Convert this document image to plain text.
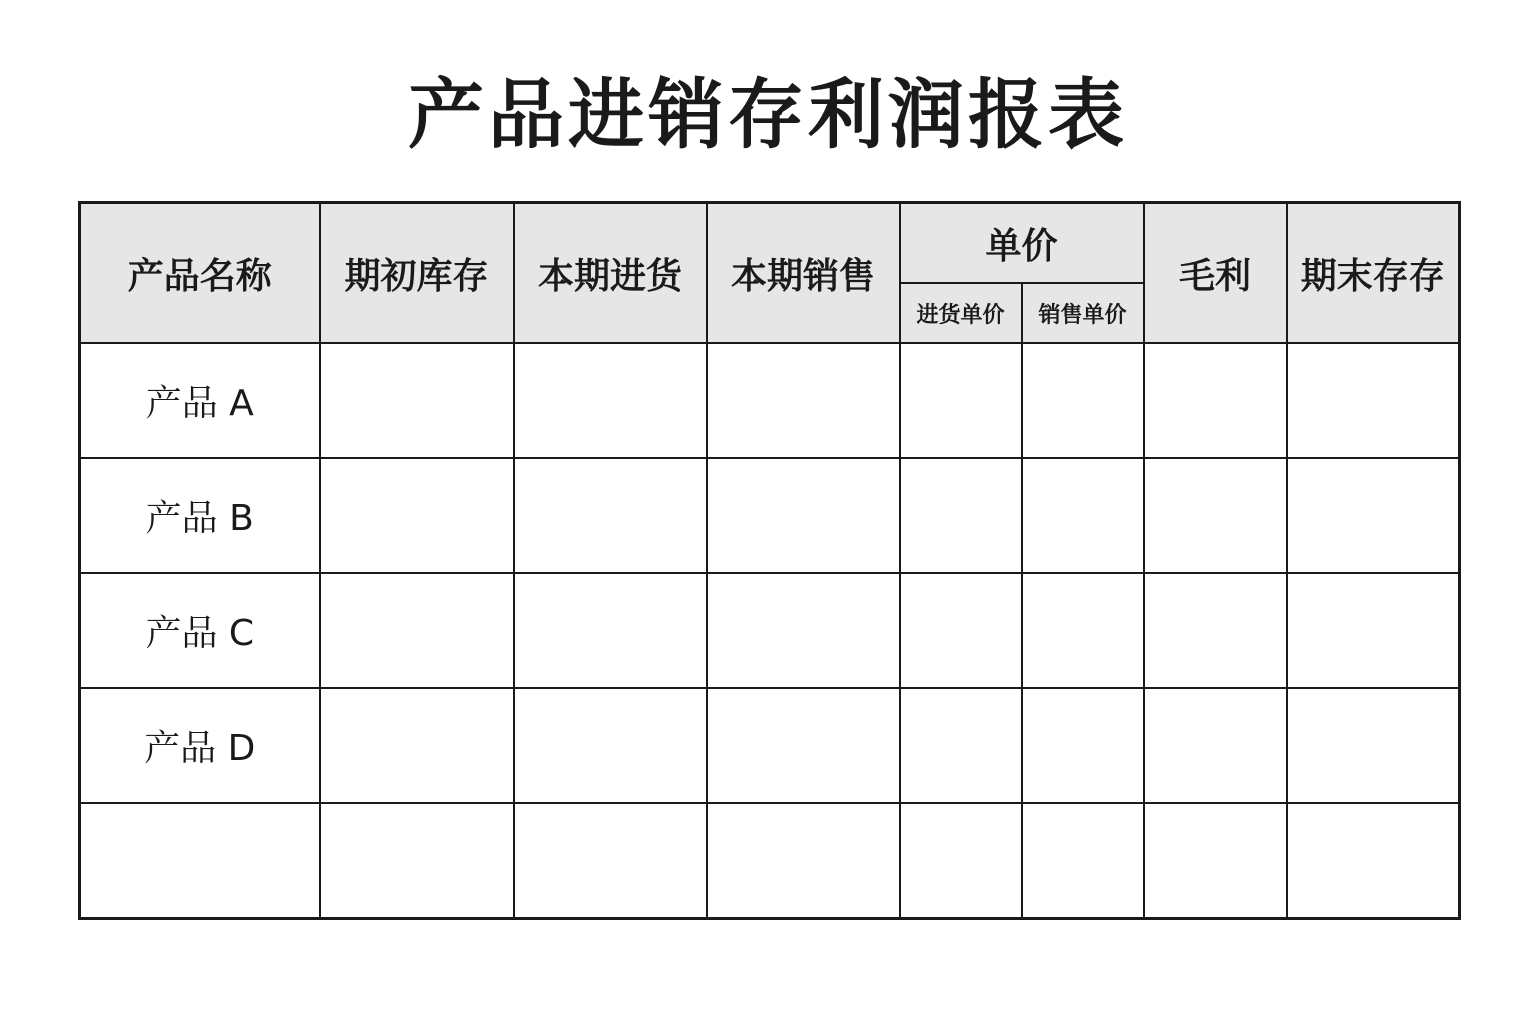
产品进销存利润报表
产品名称	期初库存	本期进货	本期销售	单价		毛利	期末存存
				进货单价	销售单价		
产品 A							
产品 B							
产品 C							
产品 D							
